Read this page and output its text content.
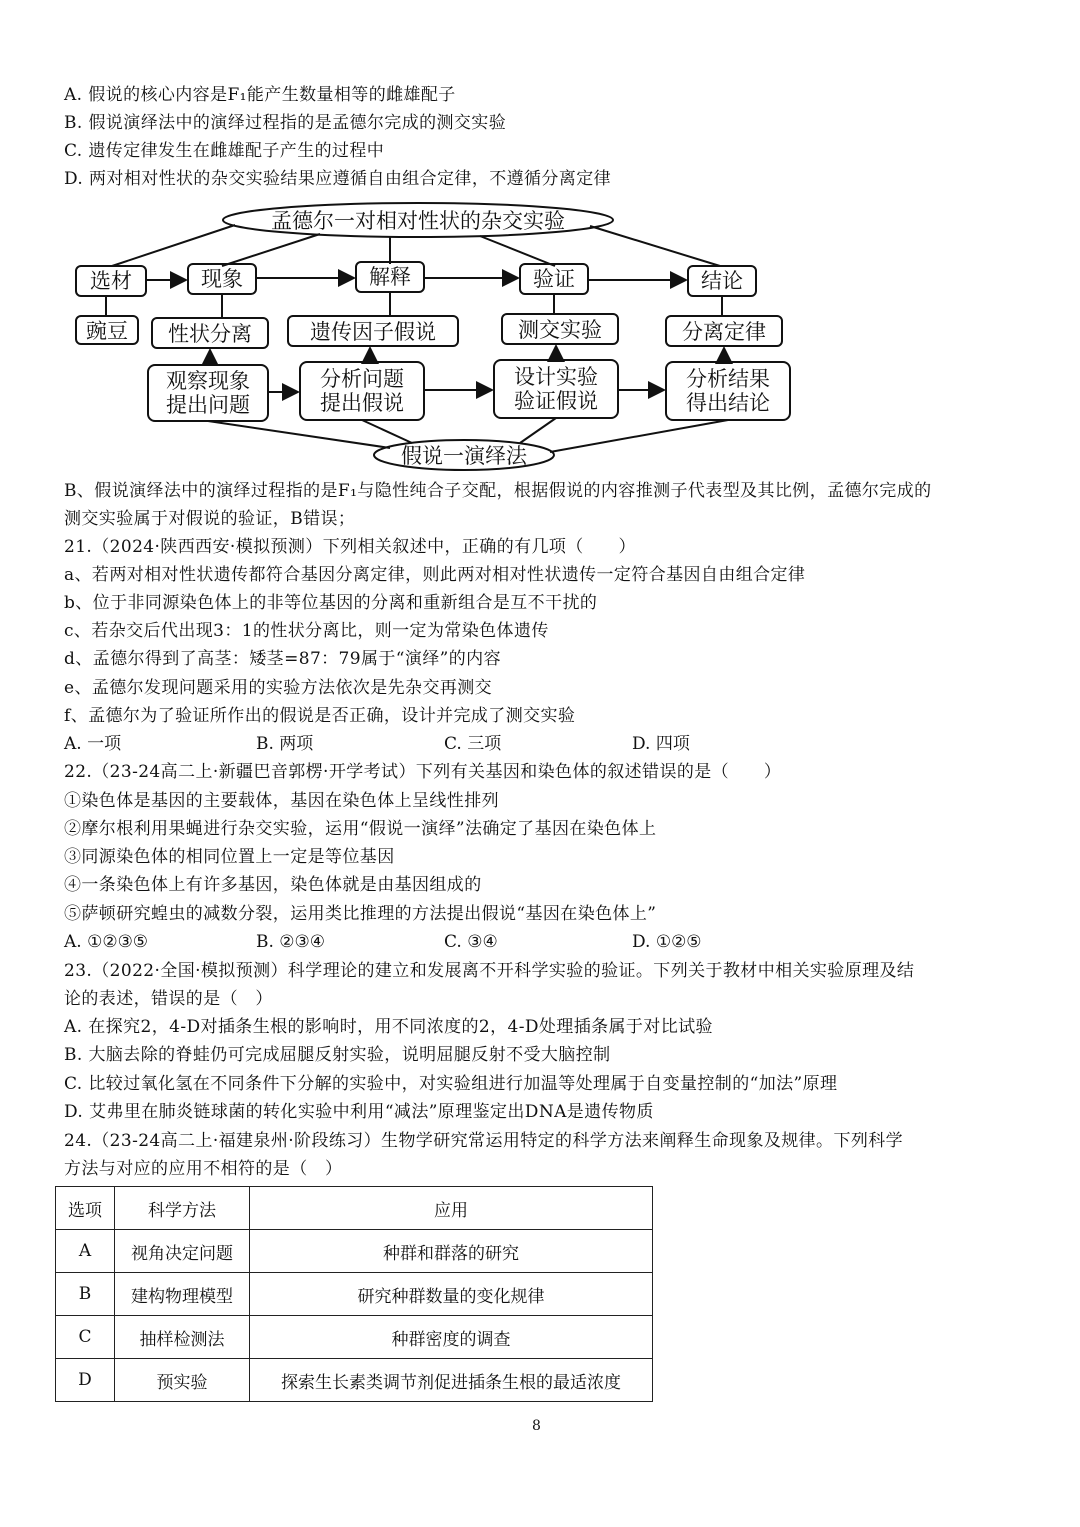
A. 假说的核心内容是F₁能产生数量相等的雌雄配子
B. 假说演绎法中的演绎过程指的是孟德尔完成的测交实验
C. 遗传定律发生在雌雄配子产生的过程中
D. 两对相对性状的杂交实验结果应遵循自由组合定律，不遵循分离定律
孟德尔一对相对性状的杂交实验
选材	现象	解释	验证	结论
豌豆 性状分离	遗传因子假说	测交实验	分离定律
观察现象
提出问题
分析问题
提出假说
设计实验
验证假说
分析结果
得出结论
假说一演绎法
B、假说演绎法中的演绎过程指的是F₁与隐性纯合子交配，根据假说的内容推测子代表型及其比例，孟德尔完成的
测交实验属于对假说的验证，B错误；
21.（2024·陕西西安·模拟预测）下列相关叙述中，正确的有几项（　　）
a、若两对相对性状遗传都符合基因分离定律，则此两对相对性状遗传一定符合基因自由组合定律
b、位于非同源染色体上的非等位基因的分离和重新组合是互不干扰的
c、若杂交后代出现3：1的性状分离比，则一定为常染色体遗传
d、孟德尔得到了高茎：矮茎=87：79属于“演绎”的内容
e、孟德尔发现问题采用的实验方法依次是先杂交再测交
f、孟德尔为了验证所作出的假说是否正确，设计并完成了测交实验
A. 一项	B. 两项	C. 三项	D. 四项
22.（23-24高二上·新疆巴音郭楞·开学考试）下列有关基因和染色体的叙述错误的是（　　）
①染色体是基因的主要载体，基因在染色体上呈线性排列
②摩尔根利用果蝇进行杂交实验，运用“假说一演绎”法确定了基因在染色体上
③同源染色体的相同位置上一定是等位基因
④一条染色体上有许多基因，染色体就是由基因组成的
⑤萨顿研究蝗虫的减数分裂，运用类比推理的方法提出假说“基因在染色体上”
A. ①②③⑤	B. ②③④	C. ③④	D. ①②⑤
23.（2022·全国·模拟预测）科学理论的建立和发展离不开科学实验的验证。下列关于教材中相关实验原理及结
论的表述，错误的是（　）
A. 在探究2，4-D对插条生根的影响时，用不同浓度的2，4-D处理插条属于对比试验
B. 大脑去除的脊蛙仍可完成屈腿反射实验，说明屈腿反射不受大脑控制
C. 比较过氧化氢在不同条件下分解的实验中，对实验组进行加温等处理属于自变量控制的“加法”原理
D. 艾弗里在肺炎链球菌的转化实验中利用“减法”原理鉴定出DNA是遗传物质
24.（23-24高二上·福建泉州·阶段练习）生物学研究常运用特定的科学方法来阐释生命现象及规律。下列科学
方法与对应的应用不相符的是（　）
选项	科学方法	应用
A	视角决定问题	种群和群落的研究
B	建构物理模型	研究种群数量的变化规律
C	抽样检测法	种群密度的调查
D	预实验	探索生长素类调节剂促进插条生根的最适浓度
8
